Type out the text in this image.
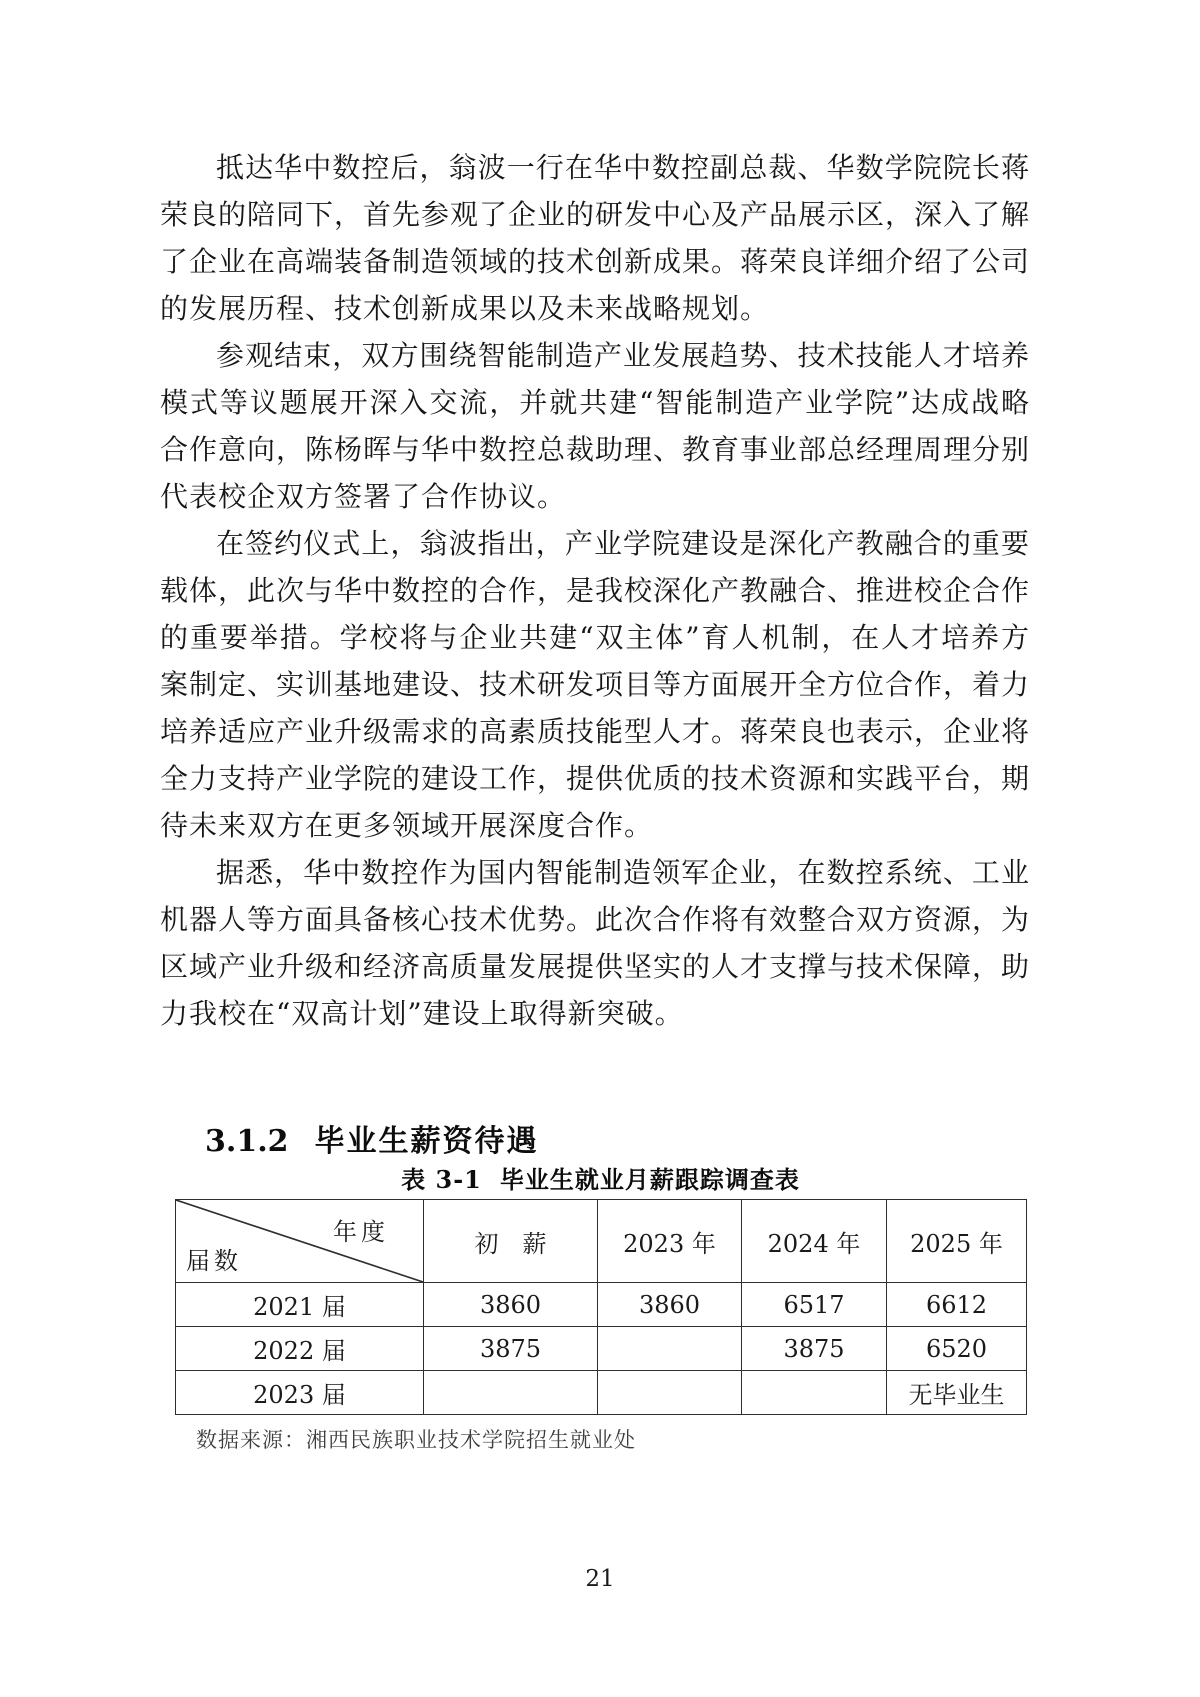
抵达华中数控后，翁波一行在华中数控副总裁、华数学院院长蒋荣良的陪同下，首先参观了企业的研发中心及产品展示区，深入了解了企业在高端装备制造领域的技术创新成果。蒋荣良详细介绍了公司的发展历程、技术创新成果以及未来战略规划。

参观结束，双方围绕智能制造产业发展趋势、技术技能人才培养模式等议题展开深入交流，并就共建“智能制造产业学院”达成战略合作意向，陈杨晖与华中数控总裁助理、教育事业部总经理周理分别代表校企双方签署了合作协议。

在签约仪式上，翁波指出，产业学院建设是深化产教融合的重要载体，此次与华中数控的合作，是我校深化产教融合、推进校企合作的重要举措。学校将与企业共建“双主体”育人机制，在人才培养方案制定、实训基地建设、技术研发项目等方面展开全方位合作，着力培养适应产业升级需求的高素质技能型人才。蒋荣良也表示，企业将全力支持产业学院的建设工作，提供优质的技术资源和实践平台，期待未来双方在更多领域开展深度合作。

据悉，华中数控作为国内智能制造领军企业，在数控系统、工业机器人等方面具备核心技术优势。此次合作将有效整合双方资源，为区域产业升级和经济高质量发展提供坚实的人才支撑与技术保障，助力我校在“双高计划”建设上取得新突破。

3.1.2 毕业生薪资待遇
表 3-1 毕业生就业月薪跟踪调查表
年度
届数	初　薪	2023 年	2024 年	2025 年
2021 届	3860	3860	6517	6612
2022 届	3875		3875	6520
2023 届				无毕业生
数据来源：湘西民族职业技术学院招生就业处
21
